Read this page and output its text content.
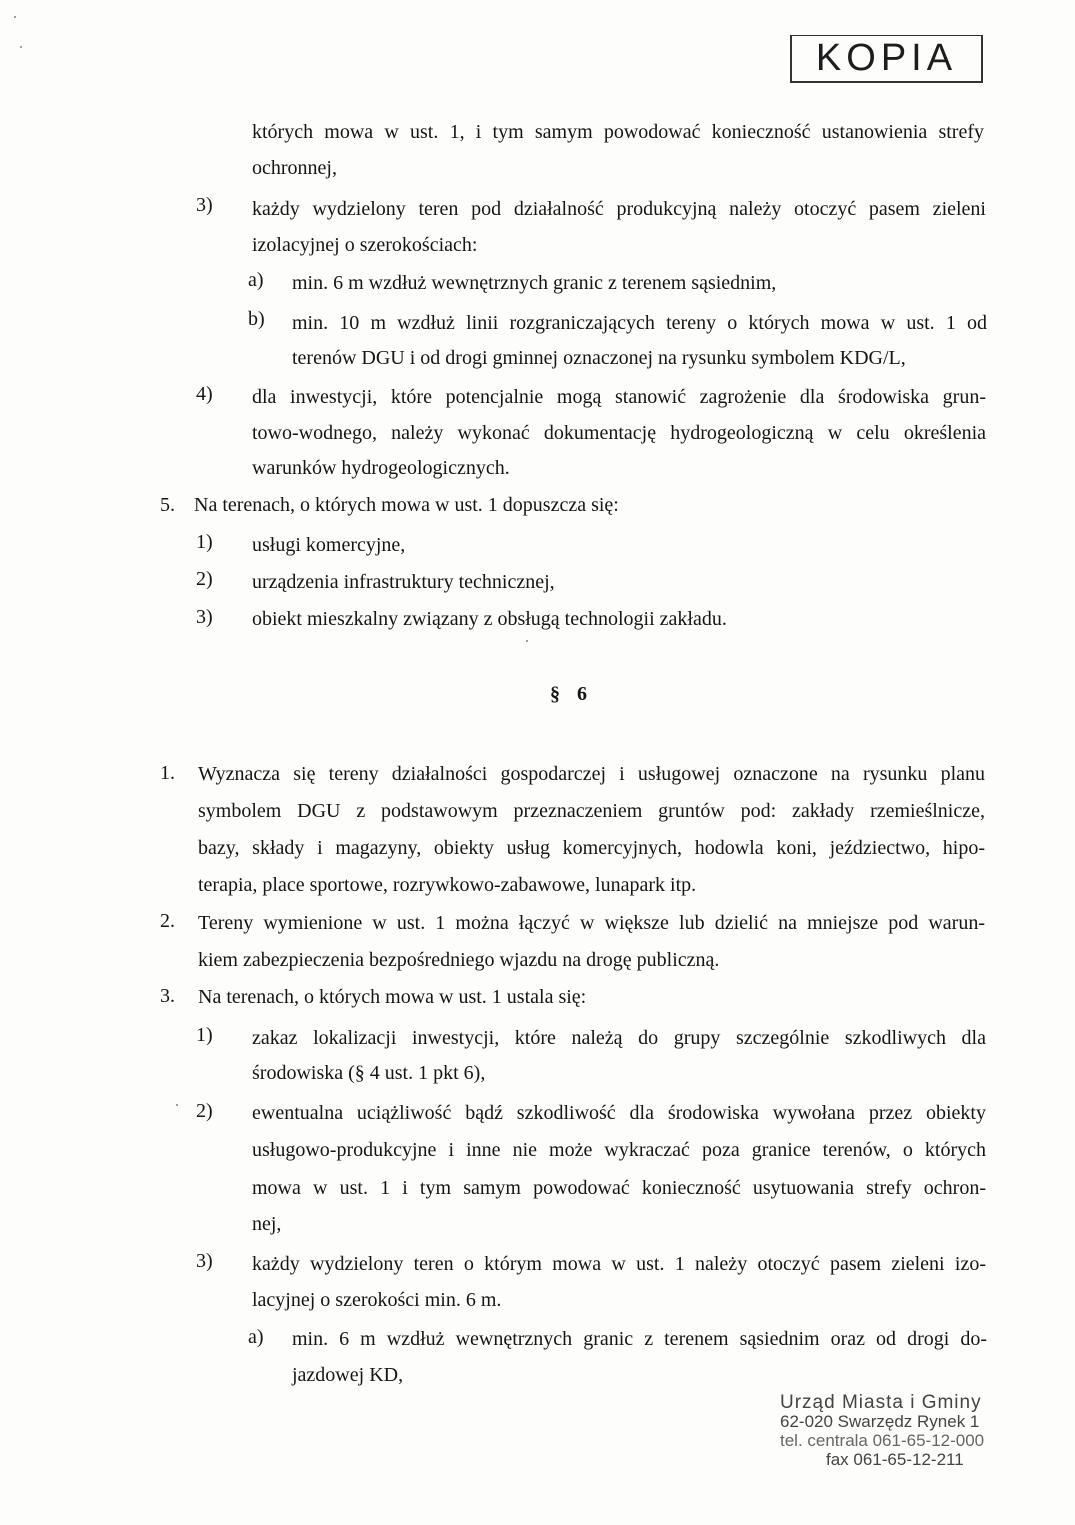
KOPIA
których mowa w ust. 1, i tym samym powodować konieczność ustanowienia strefy
ochronnej,
3) każdy wydzielony teren pod działalność produkcyjną należy otoczyć pasem zieleni
izolacyjnej o szerokościach:
a) min. 6 m wzdłuż wewnętrznych granic z terenem sąsiednim,
b) min. 10 m wzdłuż linii rozgraniczających tereny o których mowa w ust. 1 od
terenów DGU i od drogi gminnej oznaczonej na rysunku symbolem KDG/L,
4) dla inwestycji, które potencjalnie mogą stanowić zagrożenie dla środowiska grun-
towo-wodnego, należy wykonać dokumentację hydrogeologiczną w celu określenia
warunków hydrogeologicznych.
5. Na terenach, o których mowa w ust. 1 dopuszcza się:
1) usługi komercyjne,
2) urządzenia infrastruktury technicznej,
3) obiekt mieszkalny związany z obsługą technologii zakładu.
§ 6
1. Wyznacza się tereny działalności gospodarczej i usługowej oznaczone na rysunku planu
symbolem DGU z podstawowym przeznaczeniem gruntów pod: zakłady rzemieślnicze,
bazy, składy i magazyny, obiekty usług komercyjnych, hodowla koni, jeździectwo, hipo-
terapia, place sportowe, rozrywkowo-zabawowe, lunapark itp.
2. Tereny wymienione w ust. 1 można łączyć w większe lub dzielić na mniejsze pod warun-
kiem zabezpieczenia bezpośredniego wjazdu na drogę publiczną.
3. Na terenach, o których mowa w ust. 1 ustala się:
1) zakaz lokalizacji inwestycji, które należą do grupy szczególnie szkodliwych dla
środowiska (§ 4 ust. 1 pkt 6),
2) ewentualna uciążliwość bądź szkodliwość dla środowiska wywołana przez obiekty
usługowo-produkcyjne i inne nie może wykraczać poza granice terenów, o których
mowa w ust. 1 i tym samym powodować konieczność usytuowania strefy ochron-
nej,
3) każdy wydzielony teren o którym mowa w ust. 1 należy otoczyć pasem zieleni izo-
lacyjnej o szerokości min. 6 m.
a) min. 6 m wzdłuż wewnętrznych granic z terenem sąsiednim oraz od drogi do-
jazdowej KD,
Urząd Miasta i Gminy
62-020 Swarzędz Rynek 1
tel. centrala 061-65-12-000
fax 061-65-12-211
